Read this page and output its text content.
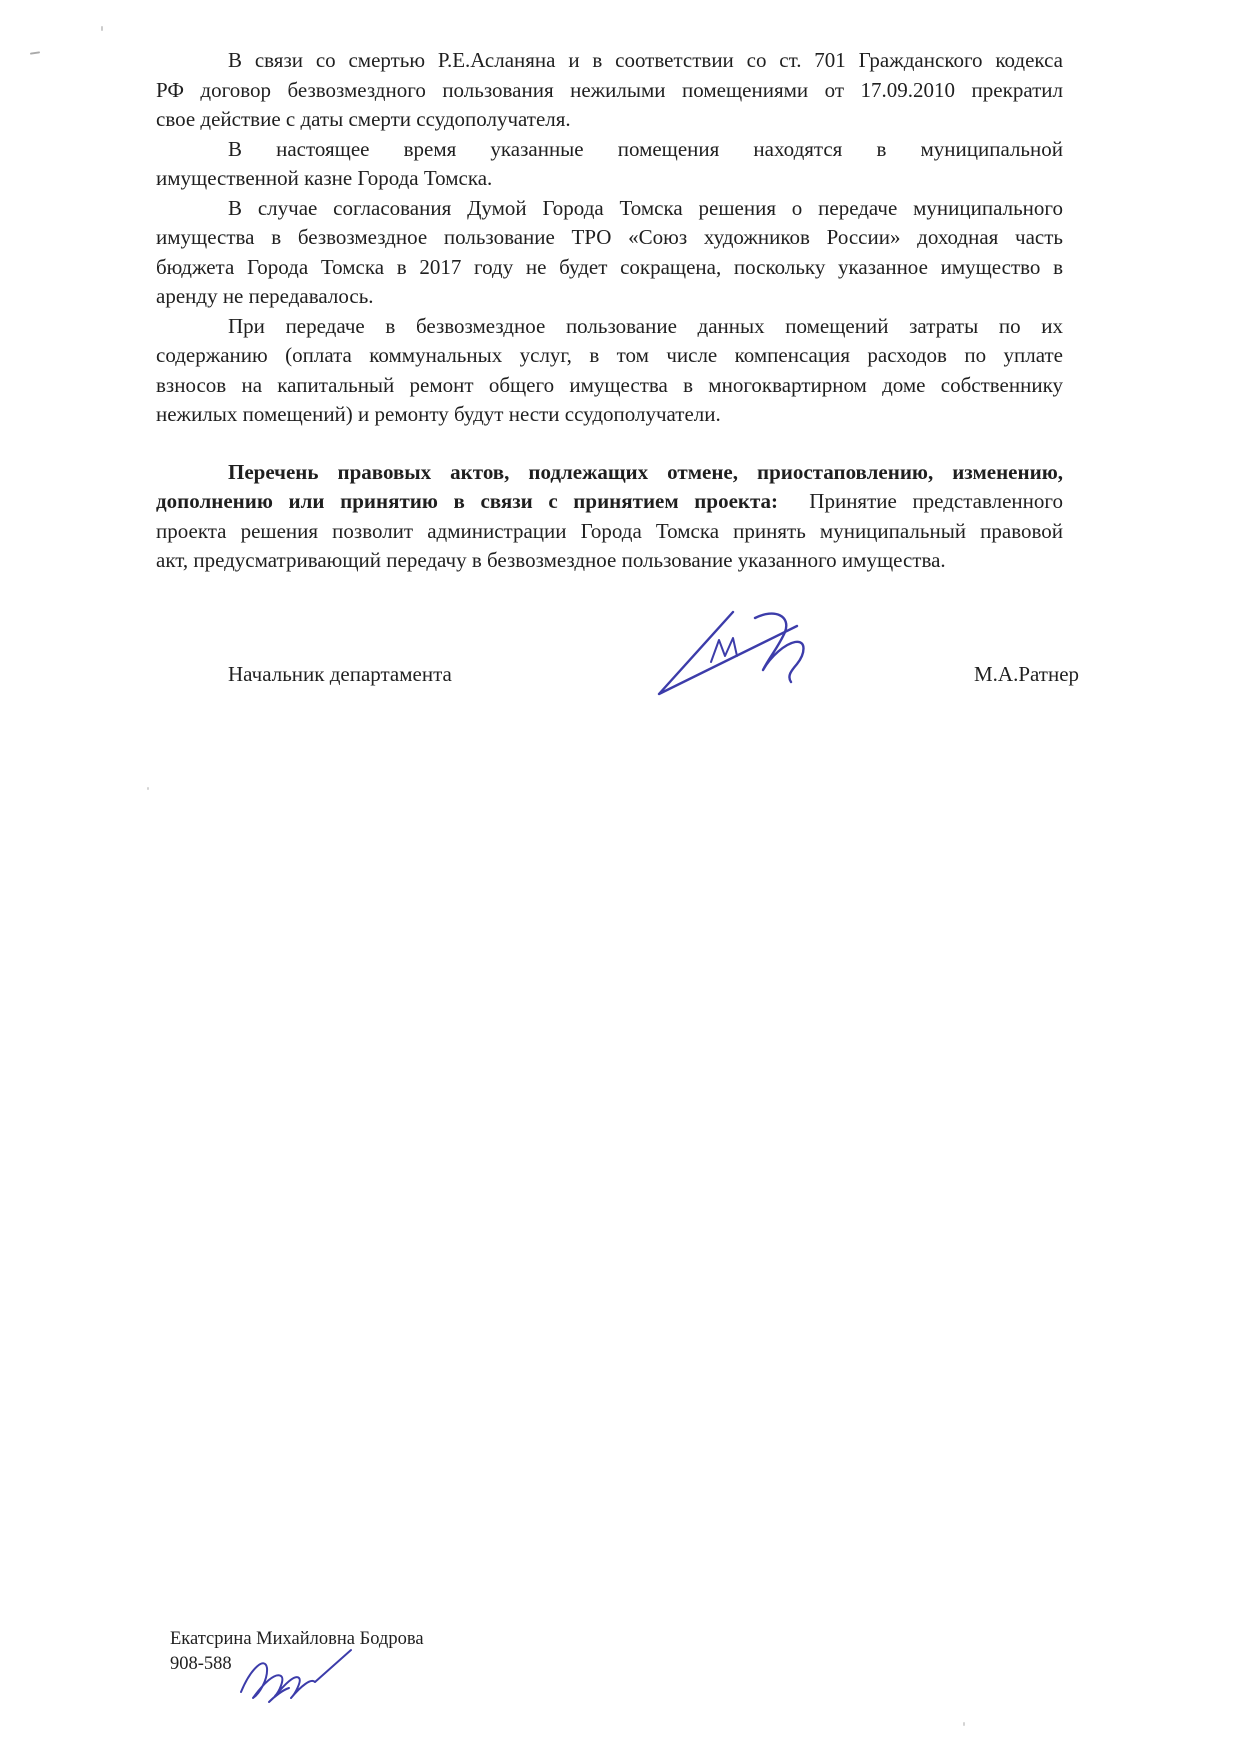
В связи со смертью Р.Е.Асланяна и в соответствии со ст. 701 Гражданского кодекса
РФ договор безвозмездного пользования нежилыми помещениями от 17.09.2010 прекратил
свое действие с даты смерти ссудополучателя.
В настоящее время указанные помещения находятся в муниципальной
имущественной казне Города Томска.
В случае согласования Думой Города Томска решения о передаче муниципального
имущества в безвозмездное пользование ТРО «Союз художников России» доходная часть
бюджета Города Томска в 2017 году не будет сокращена, поскольку указанное имущество в
аренду не передавалось.
При передаче в безвозмездное пользование данных помещений затраты по их
содержанию (оплата коммунальных услуг, в том числе компенсация расходов по уплате
взносов на капитальный ремонт общего имущества в многоквартирном доме собственнику
нежилых помещений) и ремонту будут нести ссудополучатели.
Перечень правовых актов, подлежащих отмене, приостаповлению, изменению,
дополнению или принятию в связи с принятием проекта:  Принятие представленного
проекта решения позволит администрации Города Томска принять муниципальный правовой
акт, предусматривающий передачу в безвозмездное пользование указанного имущества.
Начальник департамента	М.А.Ратнер
Екатсрина Михайловна Бодрова
908-588
